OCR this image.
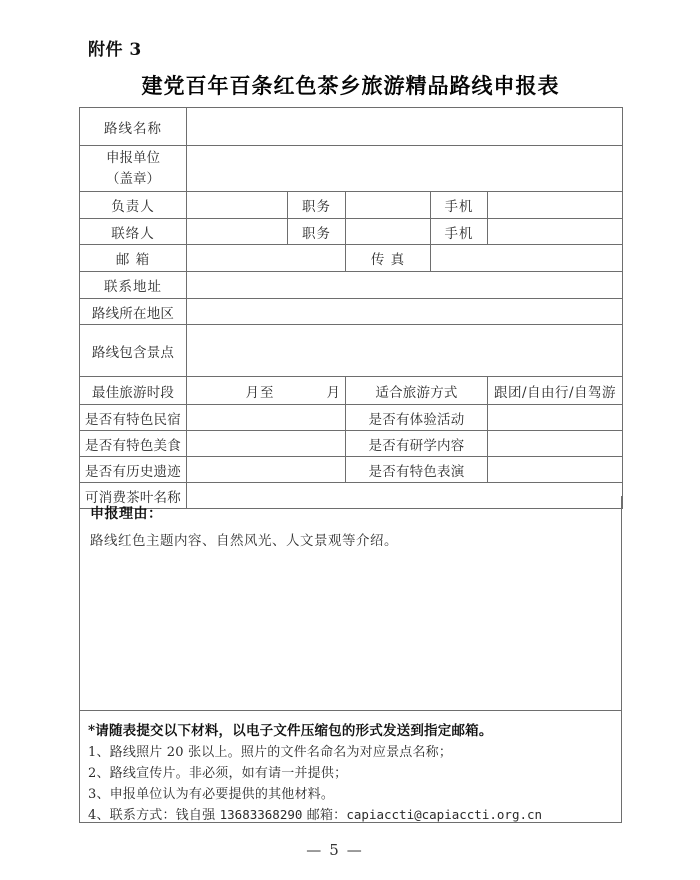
附件 3
建党百年百条红色茶乡旅游精品路线申报表
路线名称					

申报单位
（盖章）					

负责人		职务		手机	
联络人		职务		手机	
邮 箱			传 真		
联系地址					
路线所在地区					
路线包含景点					
最佳旅游时段	月至 月		适合旅游方式		跟团/自由行/自驾游
是否有特色民宿			是否有体验活动		
是否有特色美食			是否有研学内容		
是否有历史遗迹			是否有特色表演		
可消费茶叶名称					
申报理由：
路线红色主题内容、自然风光、人文景观等介绍。
*请随表提交以下材料，以电子文件压缩包的形式发送到指定邮箱。
1、路线照片 20 张以上。照片的文件名命名为对应景点名称；
2、路线宣传片。非必须，如有请一并提供；
3、申报单位认为有必要提供的其他材料。
4、联系方式：钱自强 13683368290 邮箱：capiaccti@capiaccti.org.cn
— 5 —
